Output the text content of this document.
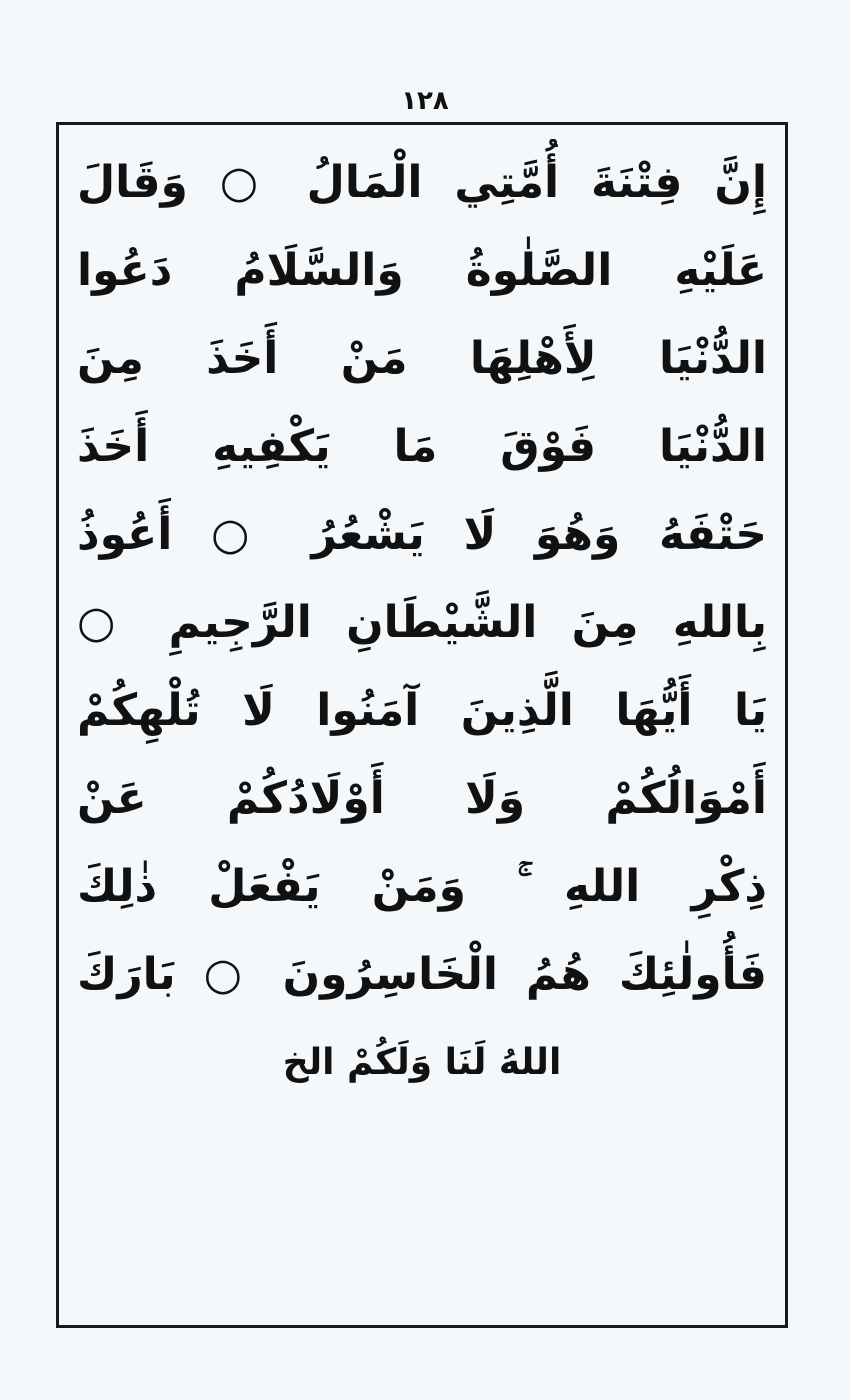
۱۲۸
إِنَّ فِتْنَةَ أُمَّتِي الْمَالُ ○ وَقَالَ
عَلَيْهِ الصَّلٰوةُ وَالسَّلَامُ دَعُوا
الدُّنْيَا لِأَهْلِهَا مَنْ أَخَذَ مِنَ
الدُّنْيَا فَوْقَ مَا يَكْفِيهِ أَخَذَ
حَتْفَهُ وَهُوَ لَا يَشْعُرُ ○ أَعُوذُ
بِاللهِ مِنَ الشَّيْطَانِ الرَّجِيمِ ○
يَا أَيُّهَا الَّذِينَ آمَنُوا لَا تُلْهِكُمْ
أَمْوَالُكُمْ وَلَا أَوْلَادُكُمْ عَنْ
ذِكْرِ اللهِ ۚ وَمَنْ يَفْعَلْ ذٰلِكَ
فَأُولٰئِكَ هُمُ الْخَاسِرُونَ ○ بَارَكَ
اللهُ لَنَا وَلَكُمْ الخ
